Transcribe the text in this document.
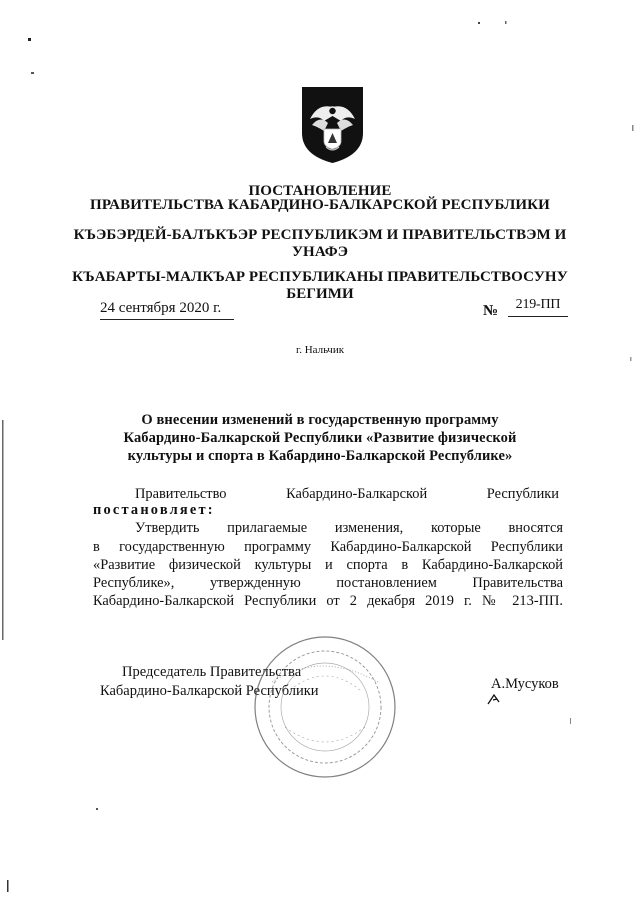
ПОСТАНОВЛЕНИЕ
ПРАВИТЕЛЬСТВА КАБАРДИНО-БАЛКАРСКОЙ РЕСПУБЛИКИ
КЪЭБЭРДЕЙ-БАЛЪКЪЭР РЕСПУБЛИКЭМ И ПРАВИТЕЛЬСТВЭМ И
УНАФЭ
КЪАБАРТЫ-МАЛКЪАР РЕСПУБЛИКАНЫ ПРАВИТЕЛЬСТВОСУНУ
БЕГИМИ
24 сентября 2020 г.	№	219-ПП
г. Нальчик
О внесении изменений в государственную программу
Кабардино-Балкарской Республики «Развитие физической
культуры и спорта в Кабардино-Балкарской Республике»
Правительство Кабардино-Балкарской Республики
постановляет:
Утвердить прилагаемые изменения, которые вносятся
в государственную программу Кабардино-Балкарской Республики
«Развитие физической культуры и спорта в Кабардино-Балкарской
Республике», утвержденную постановлением Правительства
Кабардино-Балкарской Республики от 2 декабря 2019 г. № 213-ПП.
Председатель Правительства
Кабардино-Балкарской Республики	А.Мусуков
